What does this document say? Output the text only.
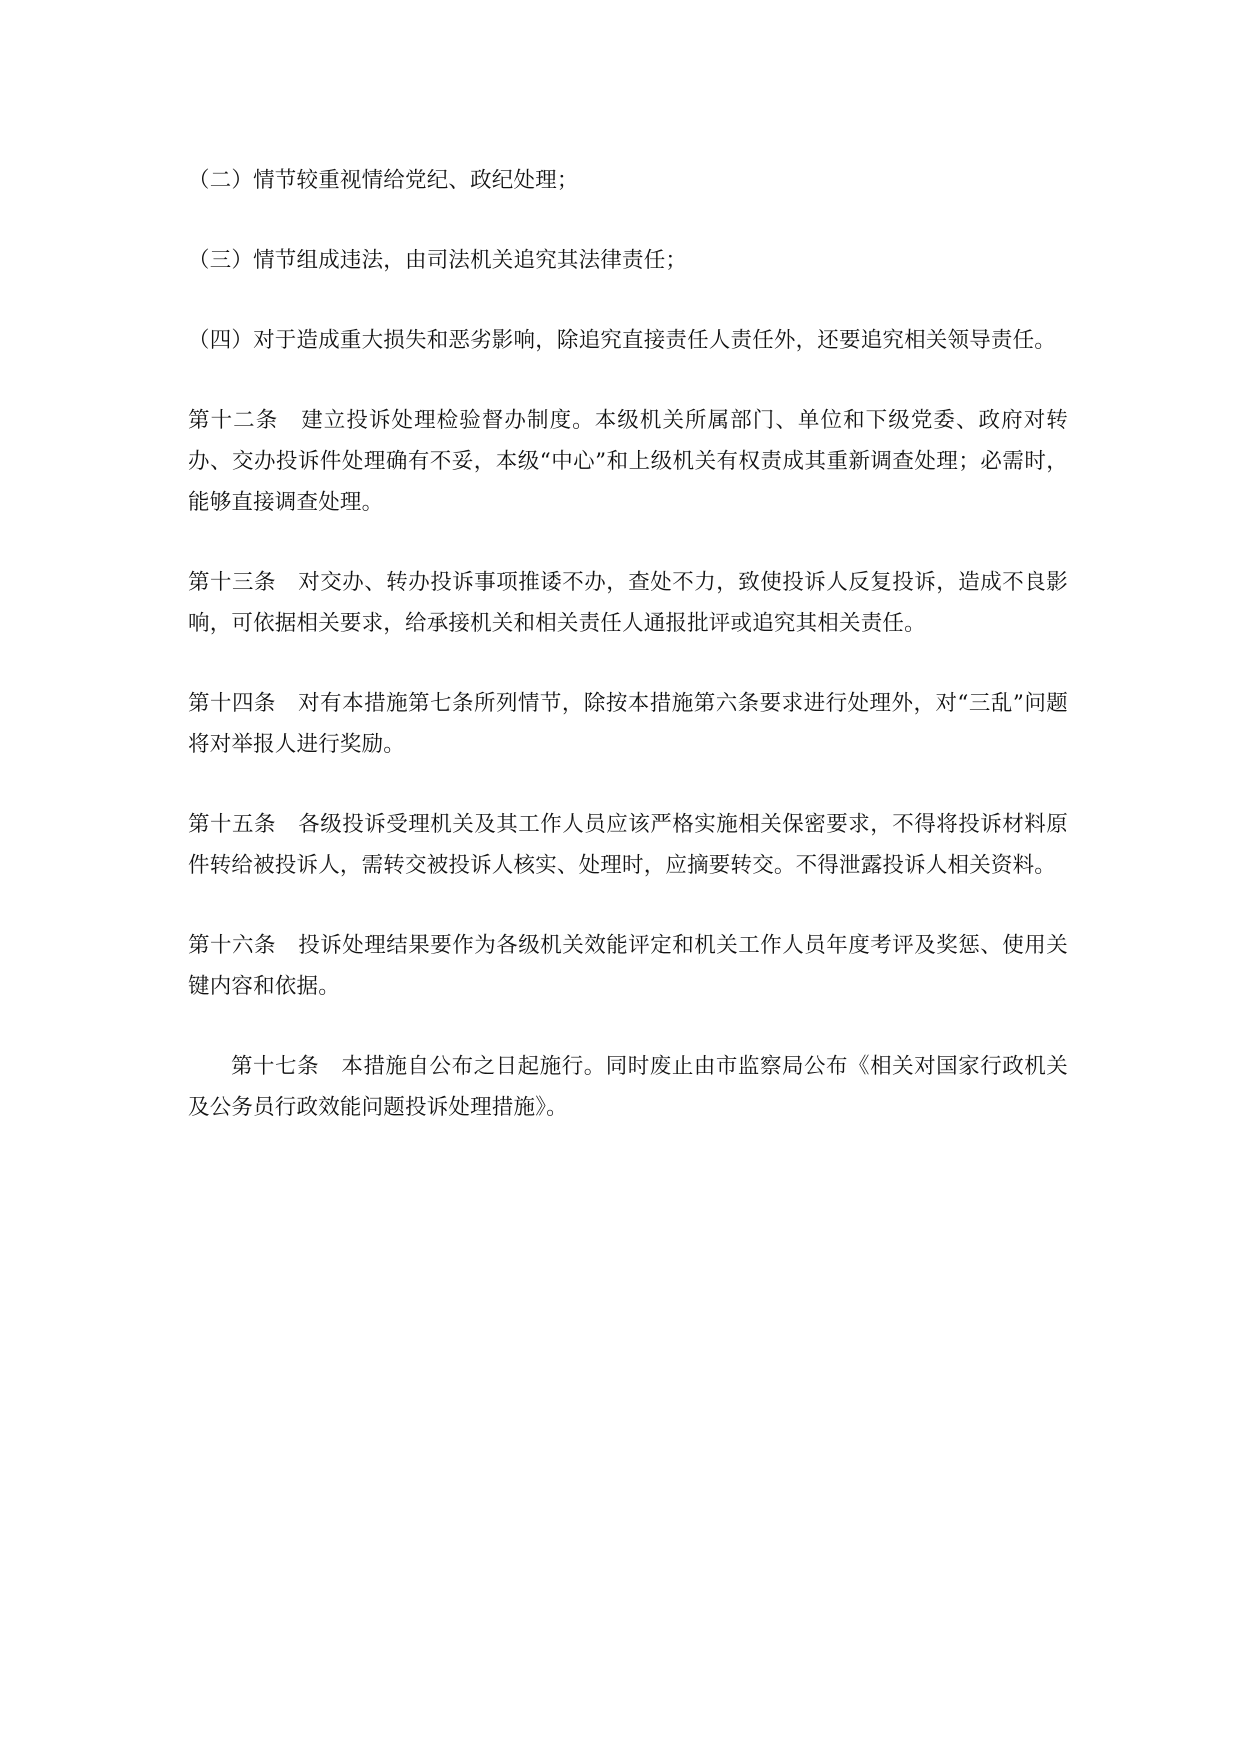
（二）情节较重视情给党纪、政纪处理；

（三）情节组成违法，由司法机关追究其法律责任；

（四）对于造成重大损失和恶劣影响，除追究直接责任人责任外，还要追究相关领导责任。

第十二条 建立投诉处理检验督办制度。本级机关所属部门、单位和下级党委、政府对转办、交办投诉件处理确有不妥，本级“中心”和上级机关有权责成其重新调查处理；必需时，能够直接调查处理。

第十三条 对交办、转办投诉事项推诿不办，查处不力，致使投诉人反复投诉，造成不良影响，可依据相关要求，给承接机关和相关责任人通报批评或追究其相关责任。

第十四条 对有本措施第七条所列情节，除按本措施第六条要求进行处理外，对“三乱”问题将对举报人进行奖励。

第十五条 各级投诉受理机关及其工作人员应该严格实施相关保密要求，不得将投诉材料原件转给被投诉人，需转交被投诉人核实、处理时，应摘要转交。不得泄露投诉人相关资料。

第十六条 投诉处理结果要作为各级机关效能评定和机关工作人员年度考评及奖惩、使用关键内容和依据。

第十七条 本措施自公布之日起施行。同时废止由市监察局公布《相关对国家行政机关及公务员行政效能问题投诉处理措施》。
